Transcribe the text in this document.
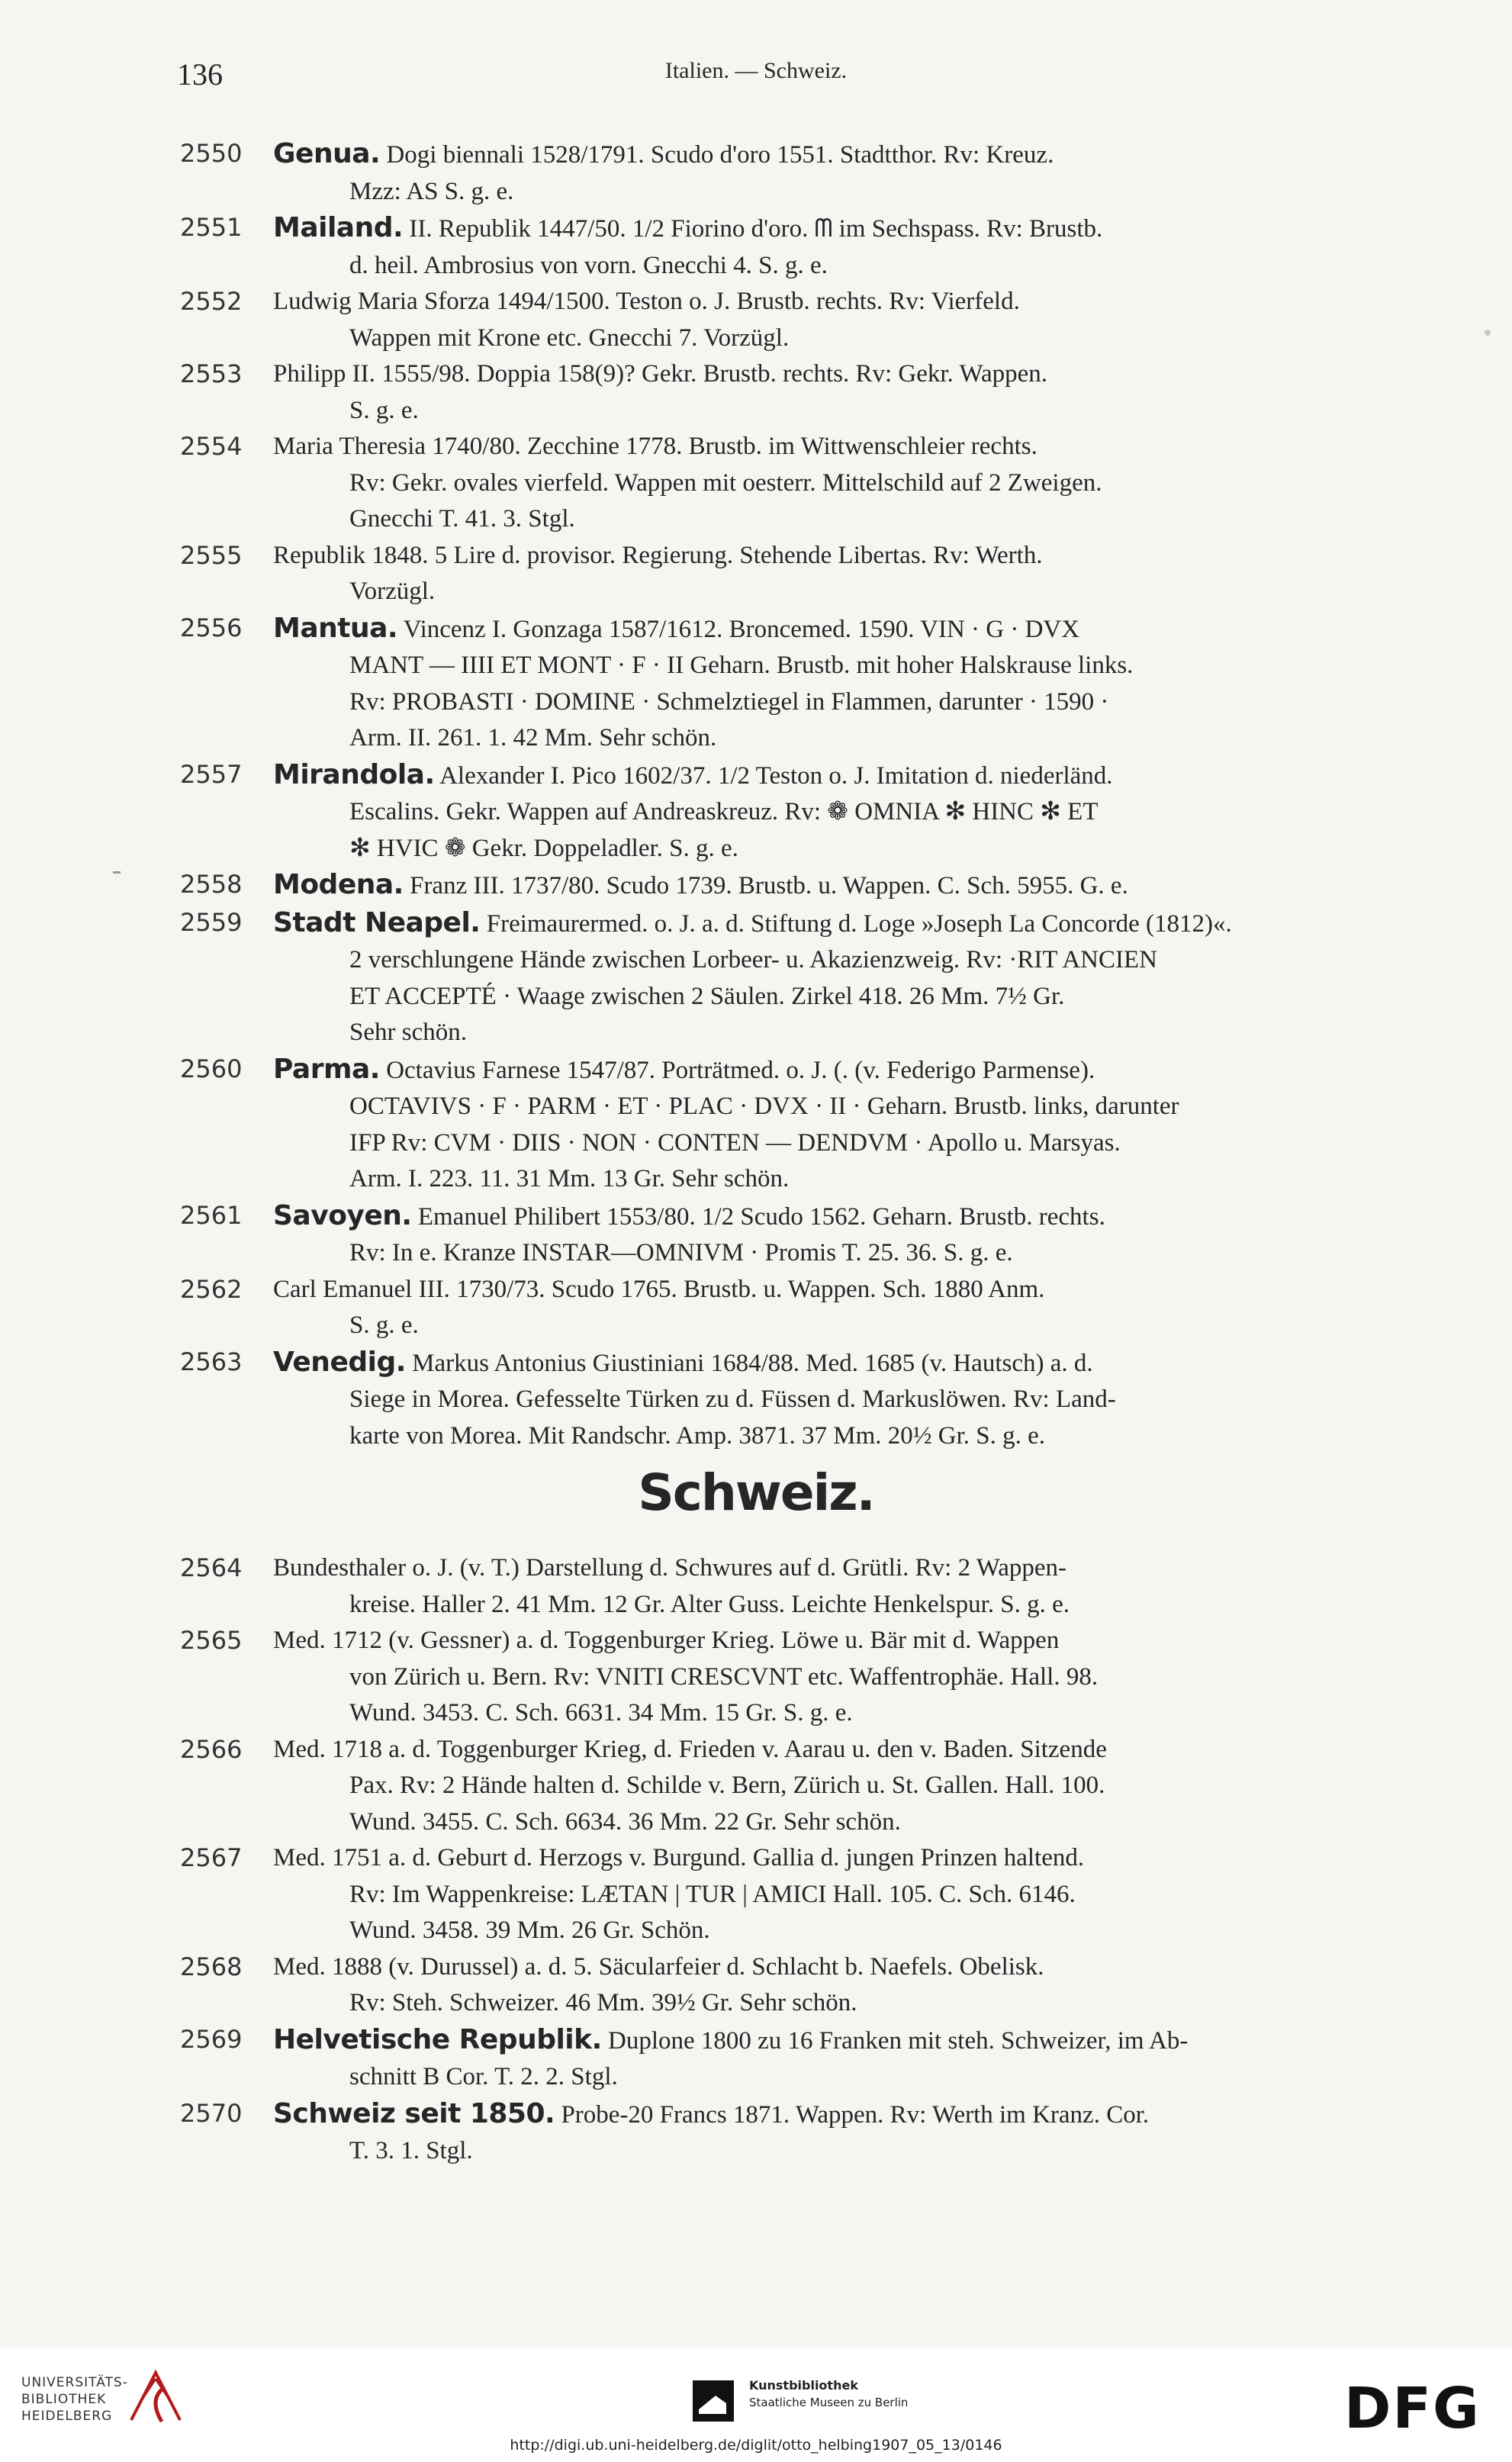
136	Italien. — Schweiz.
2550	Genua. Dogi biennali 1528/1791. Scudo d'oro 1551. Stadtthor. Rv: Kreuz.
Mzz: AS S. g. e.
2551	Mailand. II. Republik 1447/50. 1/2 Fiorino d'oro. ᗰ im Sechspass. Rv: Brustb.
d. heil. Ambrosius von vorn. Gnecchi 4. S. g. e.
2552	Ludwig Maria Sforza 1494/1500. Teston o. J. Brustb. rechts. Rv: Vierfeld.
Wappen mit Krone etc. Gnecchi 7. Vorzügl.
2553	Philipp II. 1555/98. Doppia 158(9)? Gekr. Brustb. rechts. Rv: Gekr. Wappen.
S. g. e.
2554	Maria Theresia 1740/80. Zecchine 1778. Brustb. im Wittwenschleier rechts.
Rv: Gekr. ovales vierfeld. Wappen mit oesterr. Mittelschild auf 2 Zweigen.
Gnecchi T. 41. 3. Stgl.
2555	Republik 1848. 5 Lire d. provisor. Regierung. Stehende Libertas. Rv: Werth.
Vorzügl.
2556	Mantua. Vincenz I. Gonzaga 1587/1612. Broncemed. 1590. VIN · G · DVX
MANT — IIII ET MONT · F · II Geharn. Brustb. mit hoher Halskrause links.
Rv: PROBASTI · DOMINE · Schmelztiegel in Flammen, darunter · 1590 ·
Arm. II. 261. 1. 42 Mm. Sehr schön.
2557	Mirandola. Alexander I. Pico 1602/37. 1/2 Teston o. J. Imitation d. niederländ.
Escalins. Gekr. Wappen auf Andreaskreuz. Rv: ❁ OMNIA ✻ HINC ✻ ET
✻ HVIC ❁ Gekr. Doppeladler. S. g. e.
2558	Modena. Franz III. 1737/80. Scudo 1739. Brustb. u. Wappen. C. Sch. 5955. G. e.
2559	Stadt Neapel. Freimaurermed. o. J. a. d. Stiftung d. Loge »Joseph La Concorde (1812)«.
2 verschlungene Hände zwischen Lorbeer- u. Akazienzweig. Rv: ·RIT ANCIEN
ET ACCEPTÉ · Waage zwischen 2 Säulen. Zirkel 418. 26 Mm. 7½ Gr.
Sehr schön.
2560	Parma. Octavius Farnese 1547/87. Porträtmed. o. J. (. (v. Federigo Parmense).
OCTAVIVS · F · PARM · ET · PLAC · DVX · II · Geharn. Brustb. links, darunter
IFP Rv: CVM · DIIS · NON · CONTEN — DENDVM · Apollo u. Marsyas.
Arm. I. 223. 11. 31 Mm. 13 Gr. Sehr schön.
2561	Savoyen. Emanuel Philibert 1553/80. 1/2 Scudo 1562. Geharn. Brustb. rechts.
Rv: In e. Kranze INSTAR—OMNIVM · Promis T. 25. 36. S. g. e.
2562	Carl Emanuel III. 1730/73. Scudo 1765. Brustb. u. Wappen. Sch. 1880 Anm.
S. g. e.
2563	Venedig. Markus Antonius Giustiniani 1684/88. Med. 1685 (v. Hautsch) a. d.
Siege in Morea. Gefesselte Türken zu d. Füssen d. Markuslöwen. Rv: Land-
karte von Morea. Mit Randschr. Amp. 3871. 37 Mm. 20½ Gr. S. g. e.
Schweiz.
2564	Bundesthaler o. J. (v. T.) Darstellung d. Schwures auf d. Grütli. Rv: 2 Wappen-
kreise. Haller 2. 41 Mm. 12 Gr. Alter Guss. Leichte Henkelspur. S. g. e.
2565	Med. 1712 (v. Gessner) a. d. Toggenburger Krieg. Löwe u. Bär mit d. Wappen
von Zürich u. Bern. Rv: VNITI CRESCVNT etc. Waffentrophäe. Hall. 98.
Wund. 3453. C. Sch. 6631. 34 Mm. 15 Gr. S. g. e.
2566	Med. 1718 a. d. Toggenburger Krieg, d. Frieden v. Aarau u. den v. Baden. Sitzende
Pax. Rv: 2 Hände halten d. Schilde v. Bern, Zürich u. St. Gallen. Hall. 100.
Wund. 3455. C. Sch. 6634. 36 Mm. 22 Gr. Sehr schön.
2567	Med. 1751 a. d. Geburt d. Herzogs v. Burgund. Gallia d. jungen Prinzen haltend.
Rv: Im Wappenkreise: LÆTAN | TUR | AMICI Hall. 105. C. Sch. 6146.
Wund. 3458. 39 Mm. 26 Gr. Schön.
2568	Med. 1888 (v. Durussel) a. d. 5. Säcularfeier d. Schlacht b. Naefels. Obelisk.
Rv: Steh. Schweizer. 46 Mm. 39½ Gr. Sehr schön.
2569	Helvetische Republik. Duplone 1800 zu 16 Franken mit steh. Schweizer, im Ab-
schnitt B Cor. T. 2. 2. Stgl.
2570	Schweiz seit 1850. Probe-20 Francs 1871. Wappen. Rv: Werth im Kranz. Cor.
T. 3. 1. Stgl.
UNIVERSITÄTS-
BIBLIOTHEK
HEIDELBERG
Kunstbibliothek
Staatliche Museen zu Berlin	DFG
http://digi.ub.uni-heidelberg.de/diglit/otto_helbing1907_05_13/0146
